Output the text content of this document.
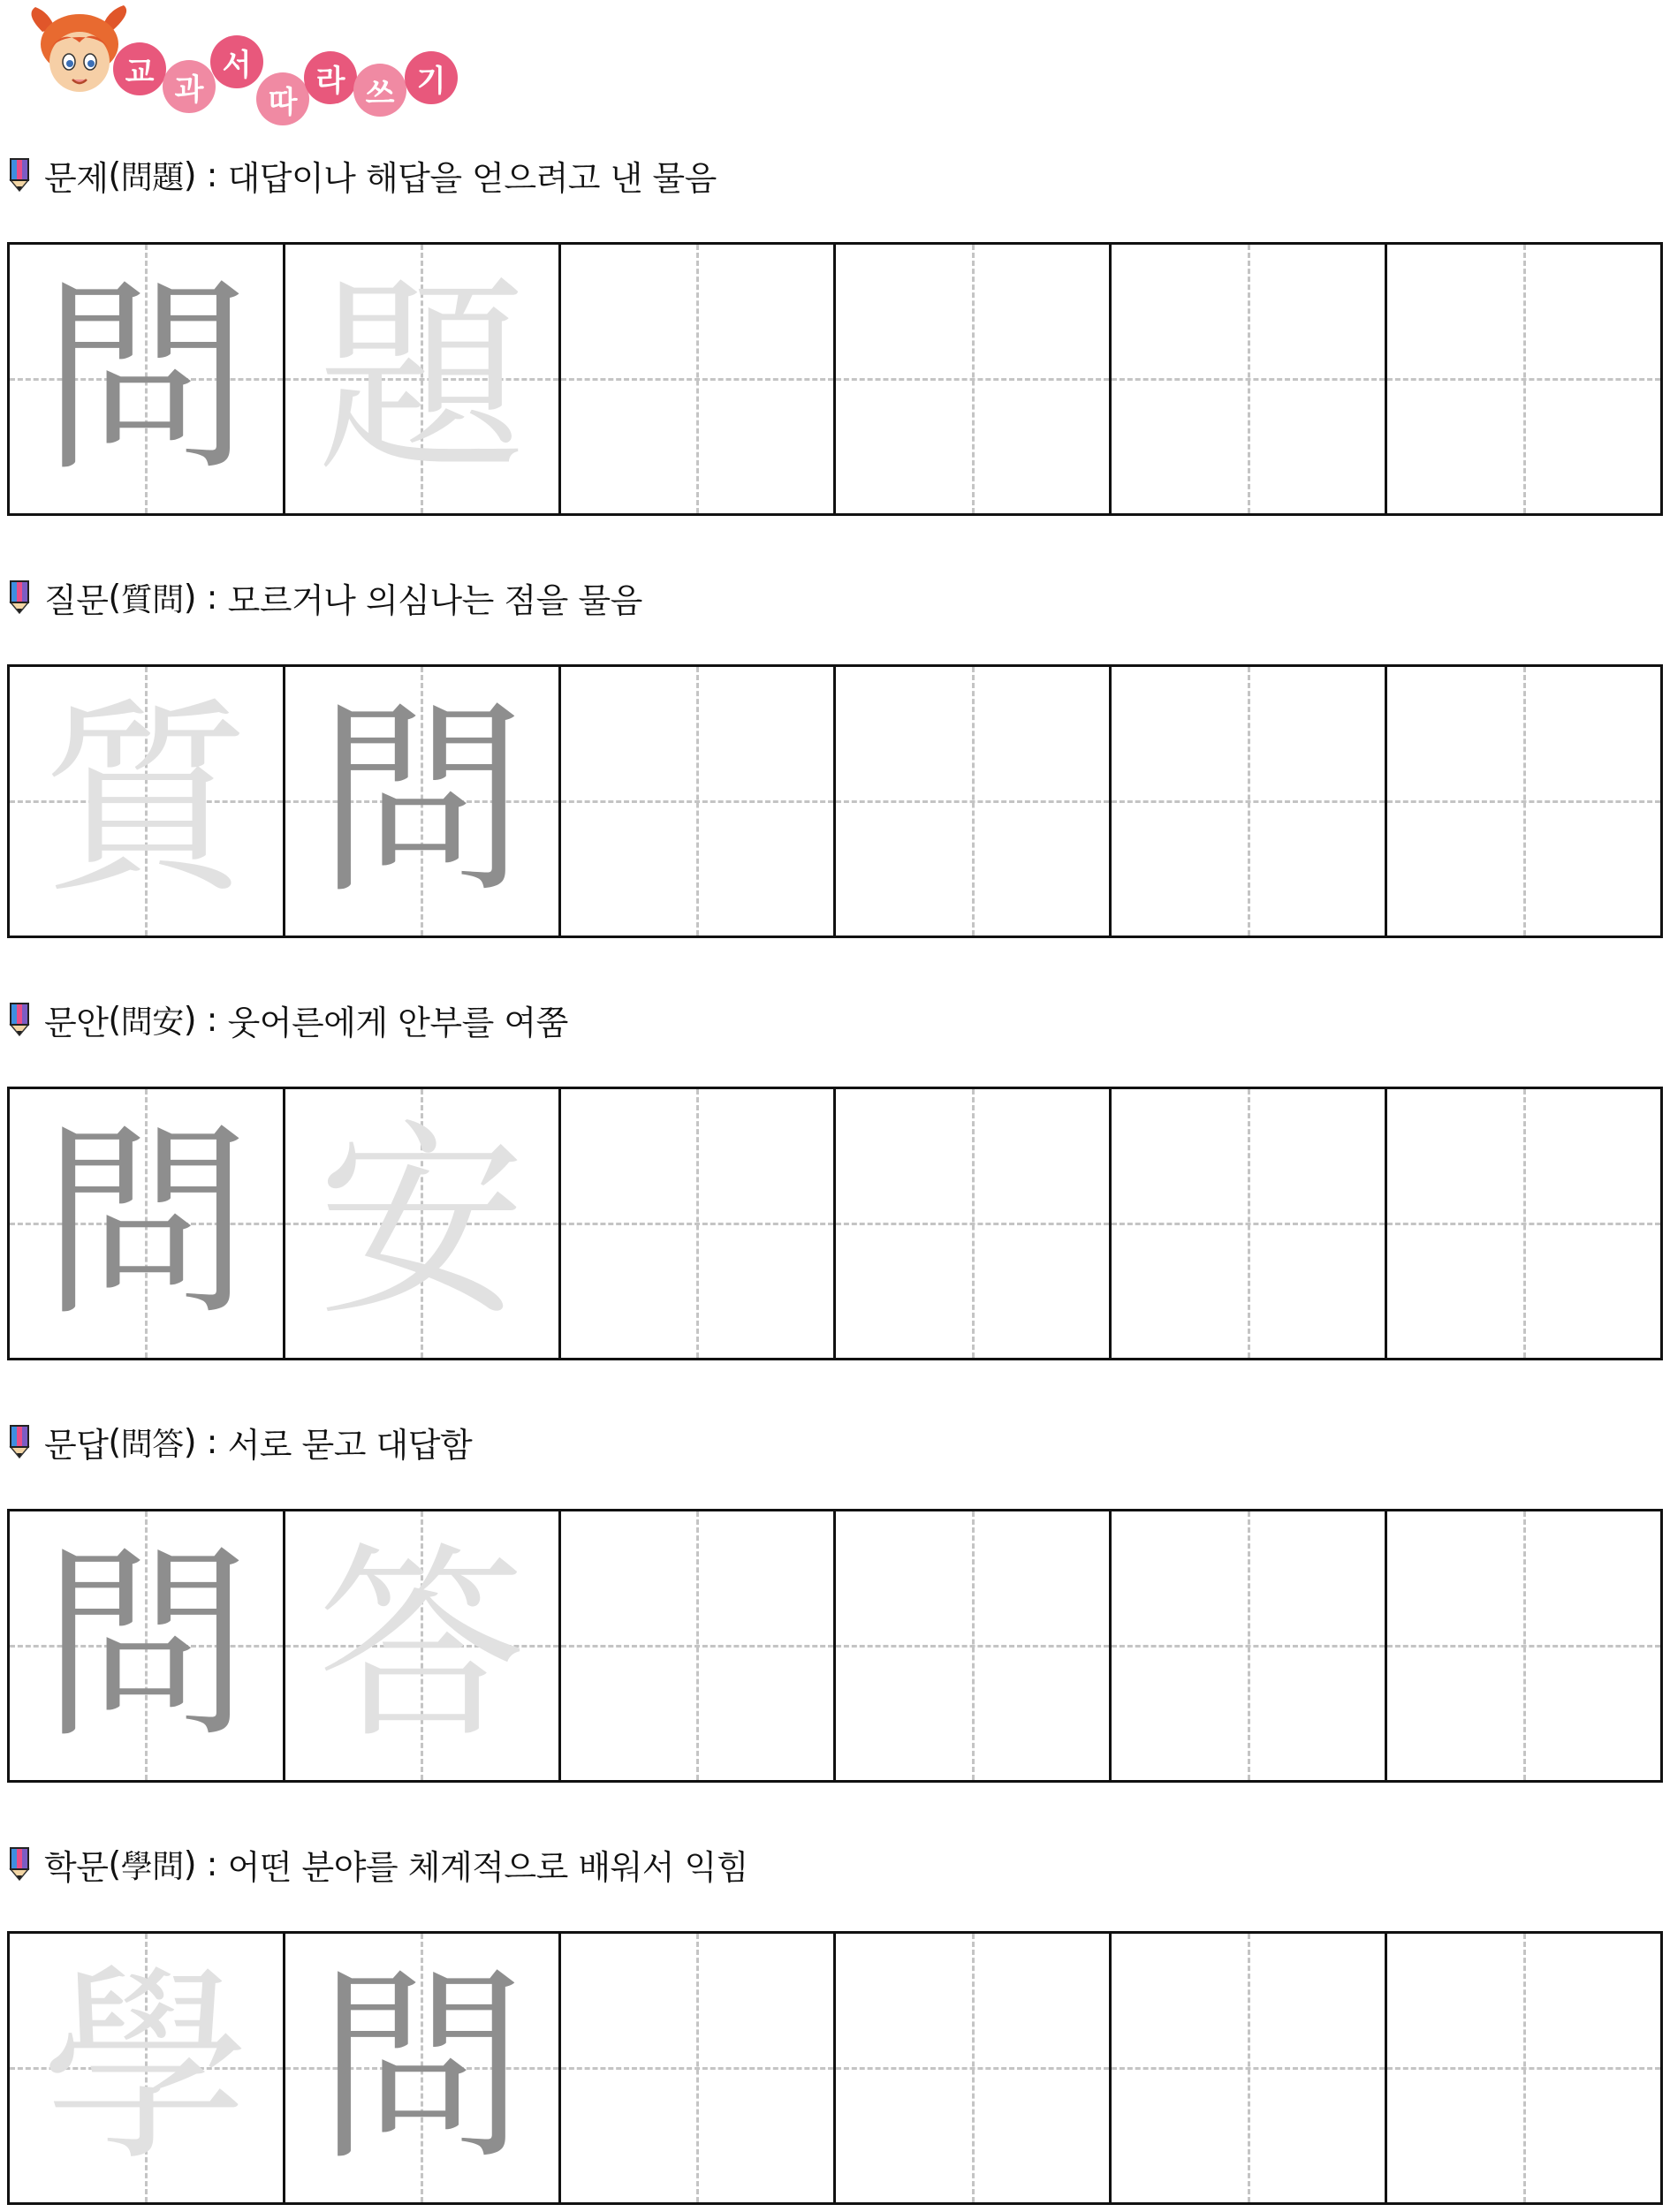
교 과
서
따
라 쓰 기
문제 ( 問題 ) : 대답이나 해답을 얻으려고 낸 물음
問 題
질문 ( 質問 ) : 모르거나 의심나는 점을 물음
質 問
문안 ( 問安 ) : 웃어른에게 안부를 여쭘
問 安
문답 ( 問答 ) : 서로 묻고 대답함
問 答
학문 ( 學問 ) : 어떤 분야를 체계적으로 배워서 익힘
學 問
